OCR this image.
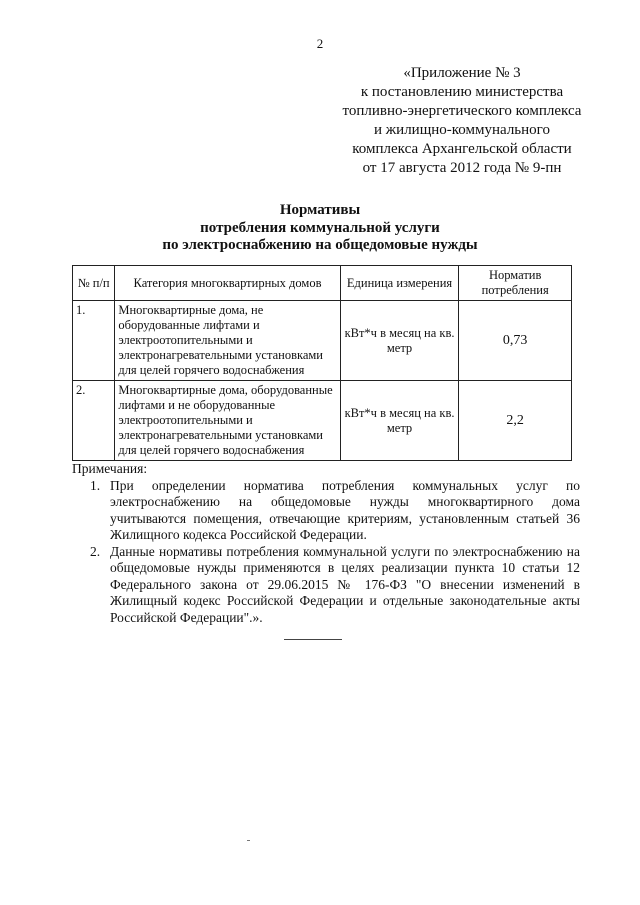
2
«Приложение № 3
к постановлению министерства
топливно-энергетического комплекса
и жилищно-коммунального
комплекса Архангельской области
от 17 августа 2012 года № 9-пн
Нормативы
потребления коммунальной услуги
по электроснабжению на общедомовые нужды
№ п/п	Категория многоквартирных домов	Единица измерения	Норматив потребления
1.	Многоквартирные дома, не оборудованные лифтами и электроотопительными и электронагревательными установками для целей горячего водоснабжения	кВт*ч в месяц на кв. метр	0,73
2.	Многоквартирные дома, оборудованные лифтами и не оборудованные электроотопительными и электронагревательными установками для целей горячего водоснабжения	кВт*ч в месяц на кв. метр	2,2
Примечания:
1. При определении норматива потребления коммунальных услуг по электроснабжению на общедомовые нужды многоквартирного дома учитываются помещения, отвечающие критериям, установленным статьей 36 Жилищного кодекса Российской Федерации.
2. Данные нормативы потребления коммунальной услуги по электроснабжению на общедомовые нужды применяются в целях реализации пункта 10 статьи 12 Федерального закона от 29.06.2015 № 176-ФЗ "О внесении изменений в Жилищный кодекс Российской Федерации и отдельные законодательные акты Российской Федерации".».
